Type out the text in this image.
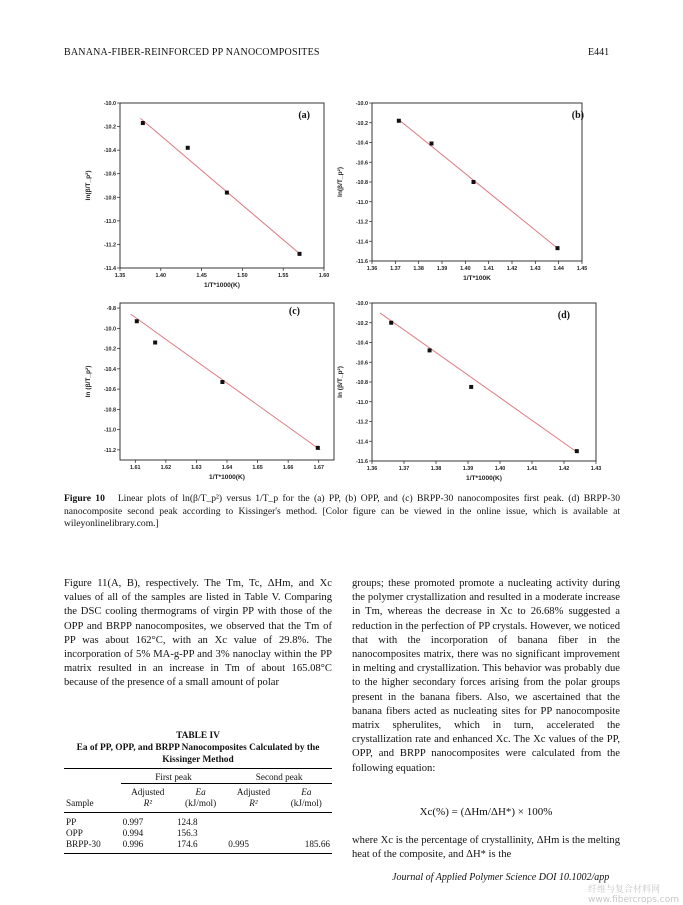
BANANA-FIBER-REINFORCED PP NANOCOMPOSITES	E441
1.35	1.40	1.45	1.50	1.55	1.60
-10.0
-10.2
-10.4
-10.6
-10.8
-11.0
-11.2
-11.4
1/T*1000(K)
ln(β/T_p²)
(a)
1.36 1.37 1.38 1.39 1.40 1.41 1.42 1.43 1.44 1.45
-10.0
-10.2
-10.4
-10.6
-10.8
-11.0
-11.2
-11.4
-11.6
1/T*100K
ln(β/T_p²)
(b)
1.61	1.62	1.63	1.64	1.65	1.66	1.67
-9.8
-10.0
-10.2
-10.4
-10.6
-10.8
-11.0
-11.2
1/T*1000(K)
ln (β/T_p²)
(c)
1.36	1.37	1.38	1.39	1.40	1.41	1.42	1.43
-10.0
-10.2
-10.4
-10.6
-10.8
-11.0
-11.2
-11.4
-11.6
1/T*1000(K)
ln (β/T_p²)
(d)
Figure 10 Linear plots of ln(β/T_p²) versus 1/T_p for the (a) PP, (b) OPP, and (c) BRPP-30 nanocomposites first peak. (d) BRPP-30 nanocomposite second peak according to Kissinger's method. [Color figure can be viewed in the online issue, which is available at wileyonlinelibrary.com.]
Figure 11(A, B), respectively. The Tm, Tc, ΔHm, and Xc values of all of the samples are listed in Table V. Comparing the DSC cooling thermograms of virgin PP with those of the OPP and BRPP nanocomposites, we observed that the Tm of PP was about 162°C, with an Xc value of 29.8%. The incorporation of 5% MA-g-PP and 3% nanoclay within the PP matrix resulted in an increase in Tm of about 165.08°C because of the presence of a small amount of polar
TABLE IV
Ea of PP, OPP, and BRPP Nanocomposites Calculated by the Kissinger Method
	First peak		Second peak	
	Adjusted	Ea	Adjusted	Ea
Sample	R²	(kJ/mol)	R²	(kJ/mol)
PP	0.997	124.8		
OPP	0.994	156.3		
BRPP-30	0.996	174.6	0.995	185.66
groups; these promoted promote a nucleating activity during the polymer crystallization and resulted in a moderate increase in Tm, whereas the decrease in Xc to 26.68% suggested a reduction in the perfection of PP crystals. However, we noticed that with the incorporation of banana fiber in the nanocomposites matrix, there was no significant improvement in melting and crystallization. This behavior was probably due to the higher secondary forces arising from the polar groups present in the banana fibers. Also, we ascertained that the banana fibers acted as nucleating sites for PP nanocomposite matrix spherulites, which in turn, accelerated the crystallization rate and enhanced Xc. The Xc values of the PP, OPP, and BRPP nanocomposites were calculated from the following equation:
Xc(%) = (ΔHm/ΔH*) × 100%
where Xc is the percentage of crystallinity, ΔHm is the melting heat of the composite, and ΔH* is the
Journal of Applied Polymer Science DOI 10.1002/app
纤维与复合材料网 www.fibercrops.com
